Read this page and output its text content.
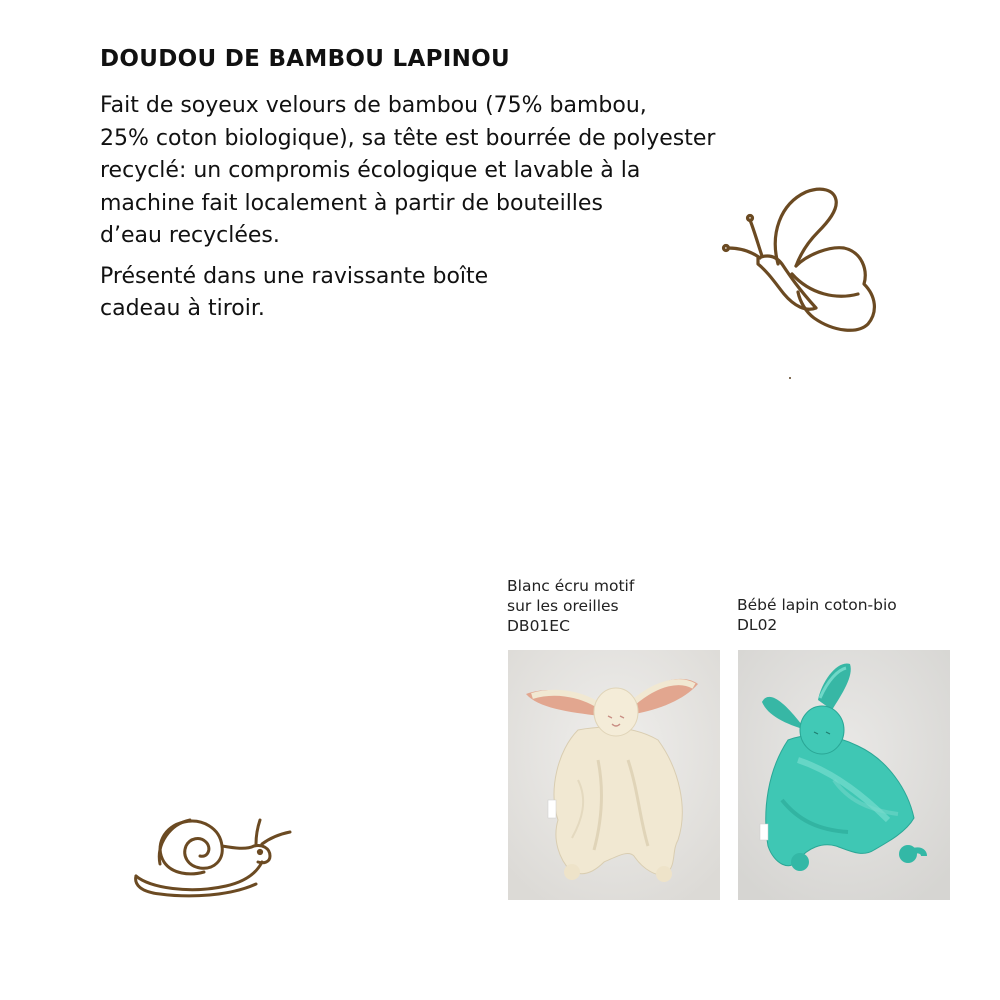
DOUDOU DE BAMBOU LAPINOU

Fait de soyeux velours de bambou (75% bambou,
25% coton biologique), sa tête est bourrée de polyester
recyclé: un compromis écologique et lavable à la
machine fait localement à partir de bouteilles
d’eau recyclées.

Présenté dans une ravissante boîte
cadeau à tiroir.

Blanc écru motif
sur les oreilles
DB01EC
Bébé lapin coton-bio
DL02
